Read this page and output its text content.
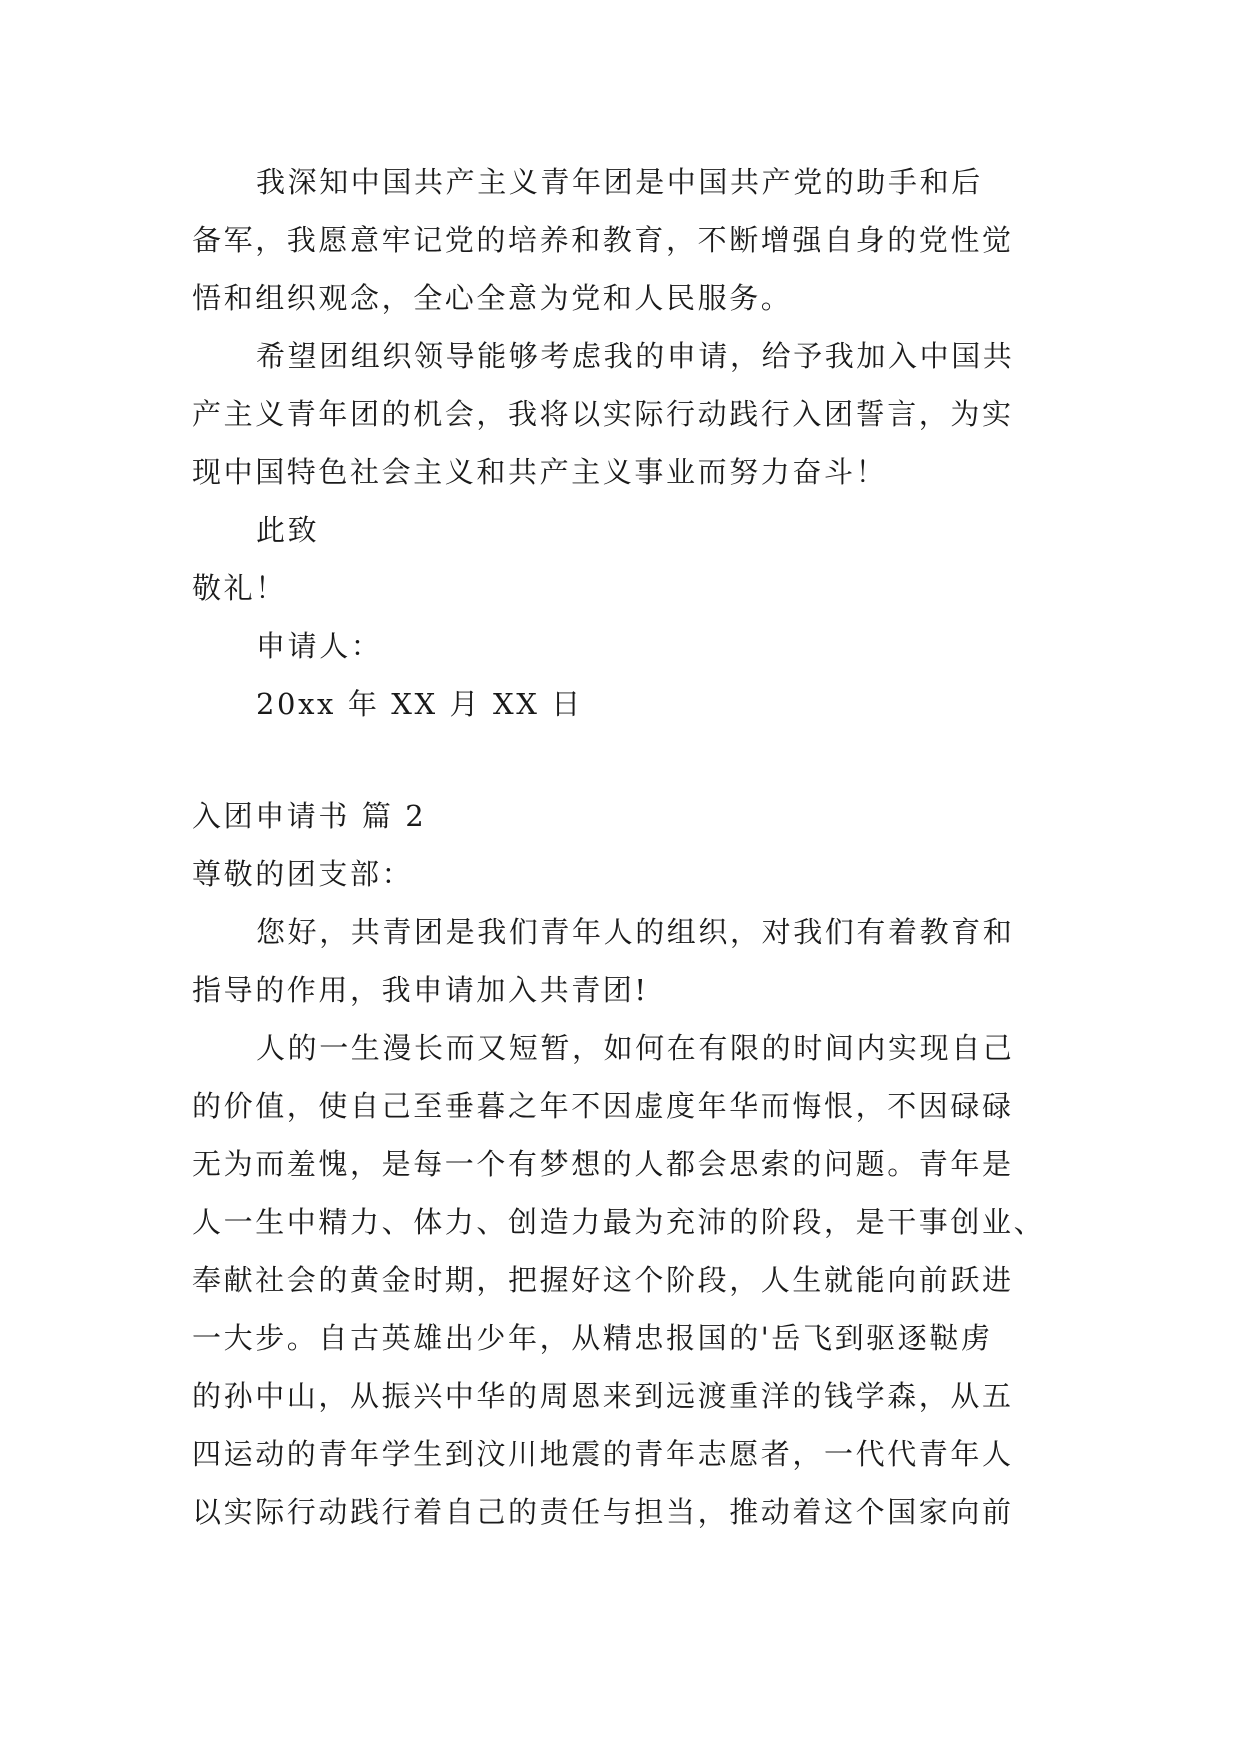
我深知中国共产主义青年团是中国共产党的助手和后
备军，我愿意牢记党的培养和教育，不断增强自身的党性觉
悟和组织观念，全心全意为党和人民服务。
希望团组织领导能够考虑我的申请，给予我加入中国共
产主义青年团的机会，我将以实际行动践行入团誓言，为实
现中国特色社会主义和共产主义事业而努力奋斗！
此致
敬礼！
申请人：
20xx 年 XX 月 XX 日
入团申请书 篇 2
尊敬的团支部：
您好，共青团是我们青年人的组织，对我们有着教育和
指导的作用，我申请加入共青团!
人的一生漫长而又短暂，如何在有限的时间内实现自己
的价值，使自己至垂暮之年不因虚度年华而悔恨，不因碌碌
无为而羞愧，是每一个有梦想的人都会思索的问题。青年是
人一生中精力、体力、创造力最为充沛的阶段，是干事创业、
奉献社会的黄金时期，把握好这个阶段，人生就能向前跃进
一大步。自古英雄出少年，从精忠报国的'岳飞到驱逐鞑虏
的孙中山，从振兴中华的周恩来到远渡重洋的钱学森，从五
四运动的青年学生到汶川地震的青年志愿者，一代代青年人
以实际行动践行着自己的责任与担当，推动着这个国家向前
